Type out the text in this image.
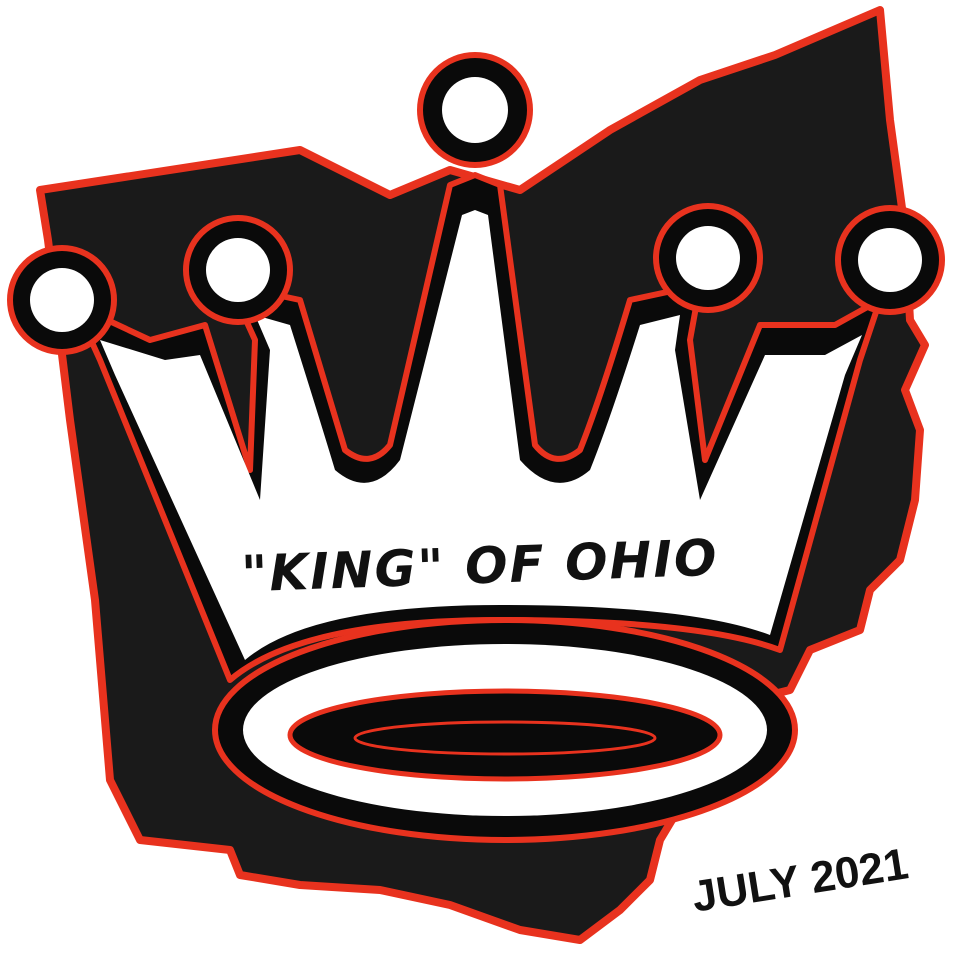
"KING" OF OHIO
JULY 2021
